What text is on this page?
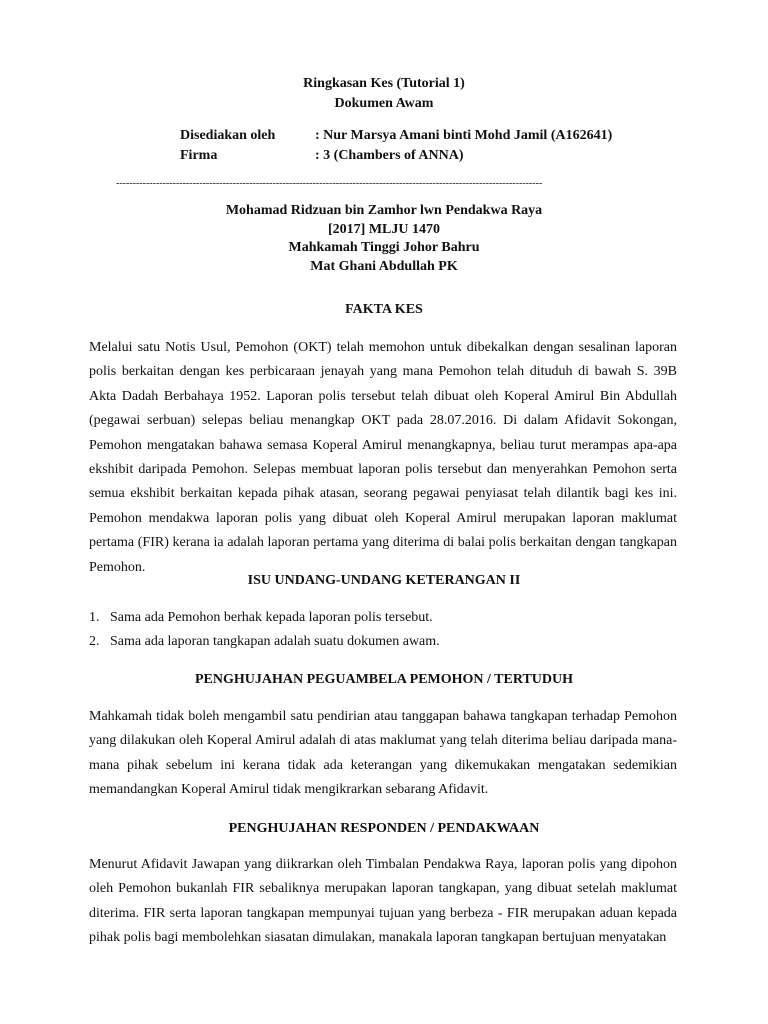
Ringkasan Kes (Tutorial 1)
Dokumen Awam
Disediakan oleh	: Nur Marsya Amani binti Mohd Jamil (A162641)
Firma	: 3 (Chambers of ANNA)
--------------------------------------------------------------------------------------------------------------------------------
Mohamad Ridzuan bin Zamhor lwn Pendakwa Raya
[2017] MLJU 1470
Mahkamah Tinggi Johor Bahru
Mat Ghani Abdullah PK
FAKTA KES
Melalui satu Notis Usul, Pemohon (OKT) telah memohon untuk dibekalkan dengan sesalinan laporan polis berkaitan dengan kes perbicaraan jenayah yang mana Pemohon telah dituduh di bawah S. 39B Akta Dadah Berbahaya 1952. Laporan polis tersebut telah dibuat oleh Koperal Amirul Bin Abdullah (pegawai serbuan) selepas beliau menangkap OKT pada 28.07.2016. Di dalam Afidavit Sokongan, Pemohon mengatakan bahawa semasa Koperal Amirul menangkapnya, beliau turut merampas apa-apa ekshibit daripada Pemohon. Selepas membuat laporan polis tersebut dan menyerahkan Pemohon serta semua ekshibit berkaitan kepada pihak atasan, seorang pegawai penyiasat telah dilantik bagi kes ini. Pemohon mendakwa laporan polis yang dibuat oleh Koperal Amirul merupakan laporan maklumat pertama (FIR) kerana ia adalah laporan pertama yang diterima di balai polis berkaitan dengan tangkapan Pemohon.
ISU UNDANG-UNDANG KETERANGAN II
1. Sama ada Pemohon berhak kepada laporan polis tersebut.
2. Sama ada laporan tangkapan adalah suatu dokumen awam.
PENGHUJAHAN PEGUAMBELA PEMOHON / TERTUDUH
Mahkamah tidak boleh mengambil satu pendirian atau tanggapan bahawa tangkapan terhadap Pemohon yang dilakukan oleh Koperal Amirul adalah di atas maklumat yang telah diterima beliau daripada mana-mana pihak sebelum ini kerana tidak ada keterangan yang dikemukakan mengatakan sedemikian memandangkan Koperal Amirul tidak mengikrarkan sebarang Afidavit.
PENGHUJAHAN RESPONDEN / PENDAKWAAN
Menurut Afidavit Jawapan yang diikrarkan oleh Timbalan Pendakwa Raya, laporan polis yang dipohon oleh Pemohon bukanlah FIR sebaliknya merupakan laporan tangkapan, yang dibuat setelah maklumat diterima. FIR serta laporan tangkapan mempunyai tujuan yang berbeza - FIR merupakan aduan kepada pihak polis bagi membolehkan siasatan dimulakan, manakala laporan tangkapan bertujuan menyatakan
